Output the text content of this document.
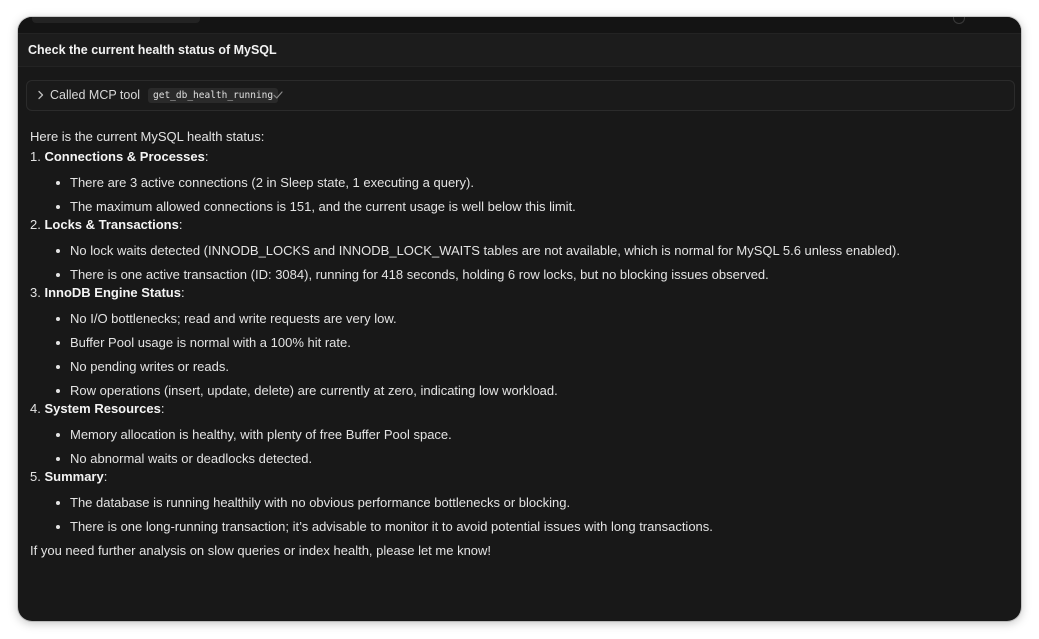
Check the current health status of MySQL
Called MCP tool	get_db_health_running

Here is the current MySQL health status:

1. Connections & Processes:
There are 3 active connections (2 in Sleep state, 1 executing a query).
The maximum allowed connections is 151, and the current usage is well below this limit.
2. Locks & Transactions:
No lock waits detected (INNODB_LOCKS and INNODB_LOCK_WAITS tables are not available, which is normal for MySQL 5.6 unless enabled).
There is one active transaction (ID: 3084), running for 418 seconds, holding 6 row locks, but no blocking issues observed.
3. InnoDB Engine Status:
No I/O bottlenecks; read and write requests are very low.
Buffer Pool usage is normal with a 100% hit rate.
No pending writes or reads.
Row operations (insert, update, delete) are currently at zero, indicating low workload.
4. System Resources:
Memory allocation is healthy, with plenty of free Buffer Pool space.
No abnormal waits or deadlocks detected.
5. Summary:
The database is running healthily with no obvious performance bottlenecks or blocking.
There is one long-running transaction; it’s advisable to monitor it to avoid potential issues with long transactions.

If you need further analysis on slow queries or index health, please let me know!
